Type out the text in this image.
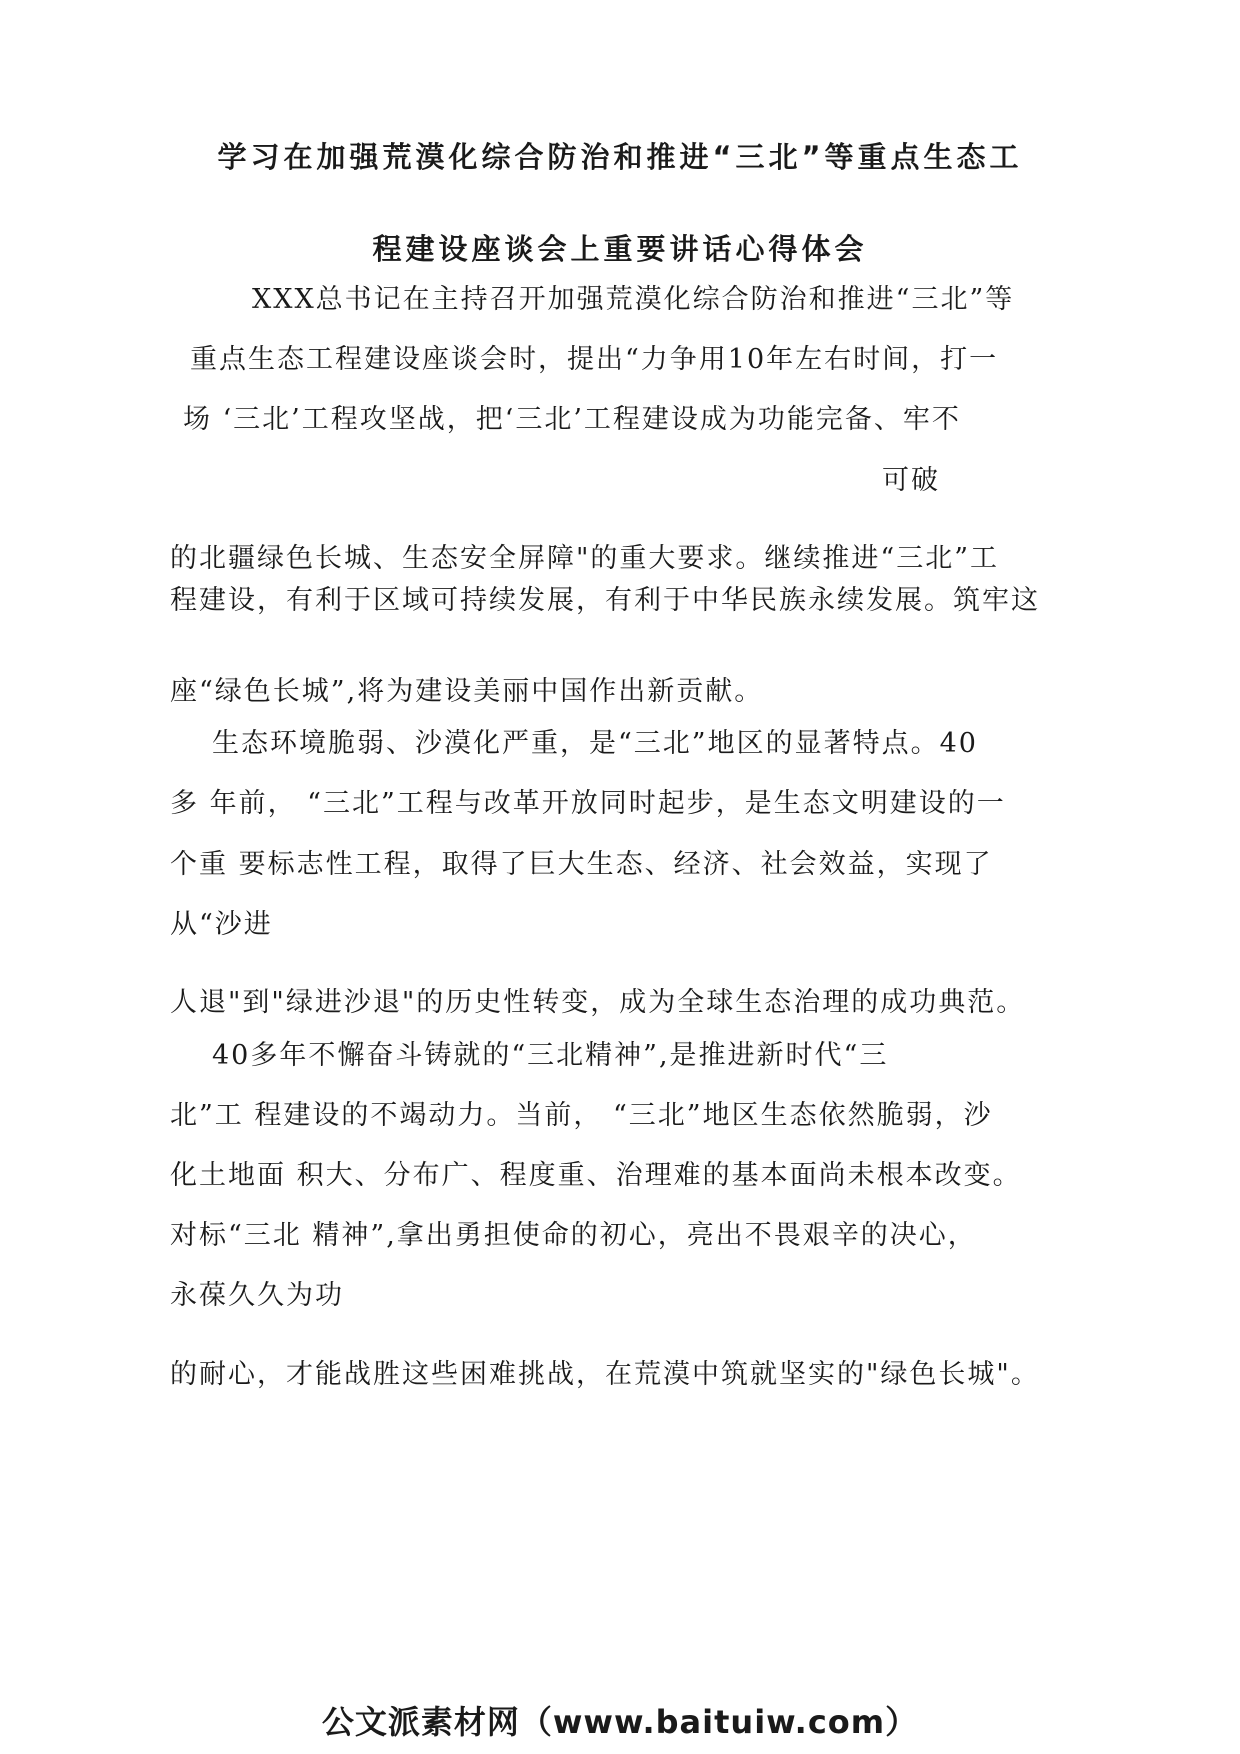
学习在加强荒漠化综合防治和推进“三北”等重点生态工
程建设座谈会上重要讲话心得体会
XXX总书记在主持召开加强荒漠化综合防治和推进“三北”等
重点生态工程建设座谈会时，提出“力争用10年左右时间，打一
场 ‘三北’工程攻坚战，把‘三北’工程建设成为功能完备、牢不
可破
的北疆绿色长城、生态安全屏障"的重大要求。继续推进“三北”工
程建设，有利于区域可持续发展，有利于中华民族永续发展。筑牢这
座“绿色长城”,将为建设美丽中国作出新贡献。
生态环境脆弱、沙漠化严重，是“三北”地区的显著特点。40
多 年前， “三北”工程与改革开放同时起步，是生态文明建设的一
个重 要标志性工程，取得了巨大生态、经济、社会效益，实现了
从“沙进
人退"到"绿进沙退"的历史性转变，成为全球生态治理的成功典范。
40多年不懈奋斗铸就的“三北精神”,是推进新时代“三
北”工 程建设的不竭动力。当前， “三北”地区生态依然脆弱，沙
化土地面 积大、分布广、程度重、治理难的基本面尚未根本改变。
对标“三北 精神”,拿出勇担使命的初心，亮出不畏艰辛的决心，
永葆久久为功
的耐心，才能战胜这些困难挑战，在荒漠中筑就坚实的"绿色长城"。
公文派素材网（www.baituiw.com）
